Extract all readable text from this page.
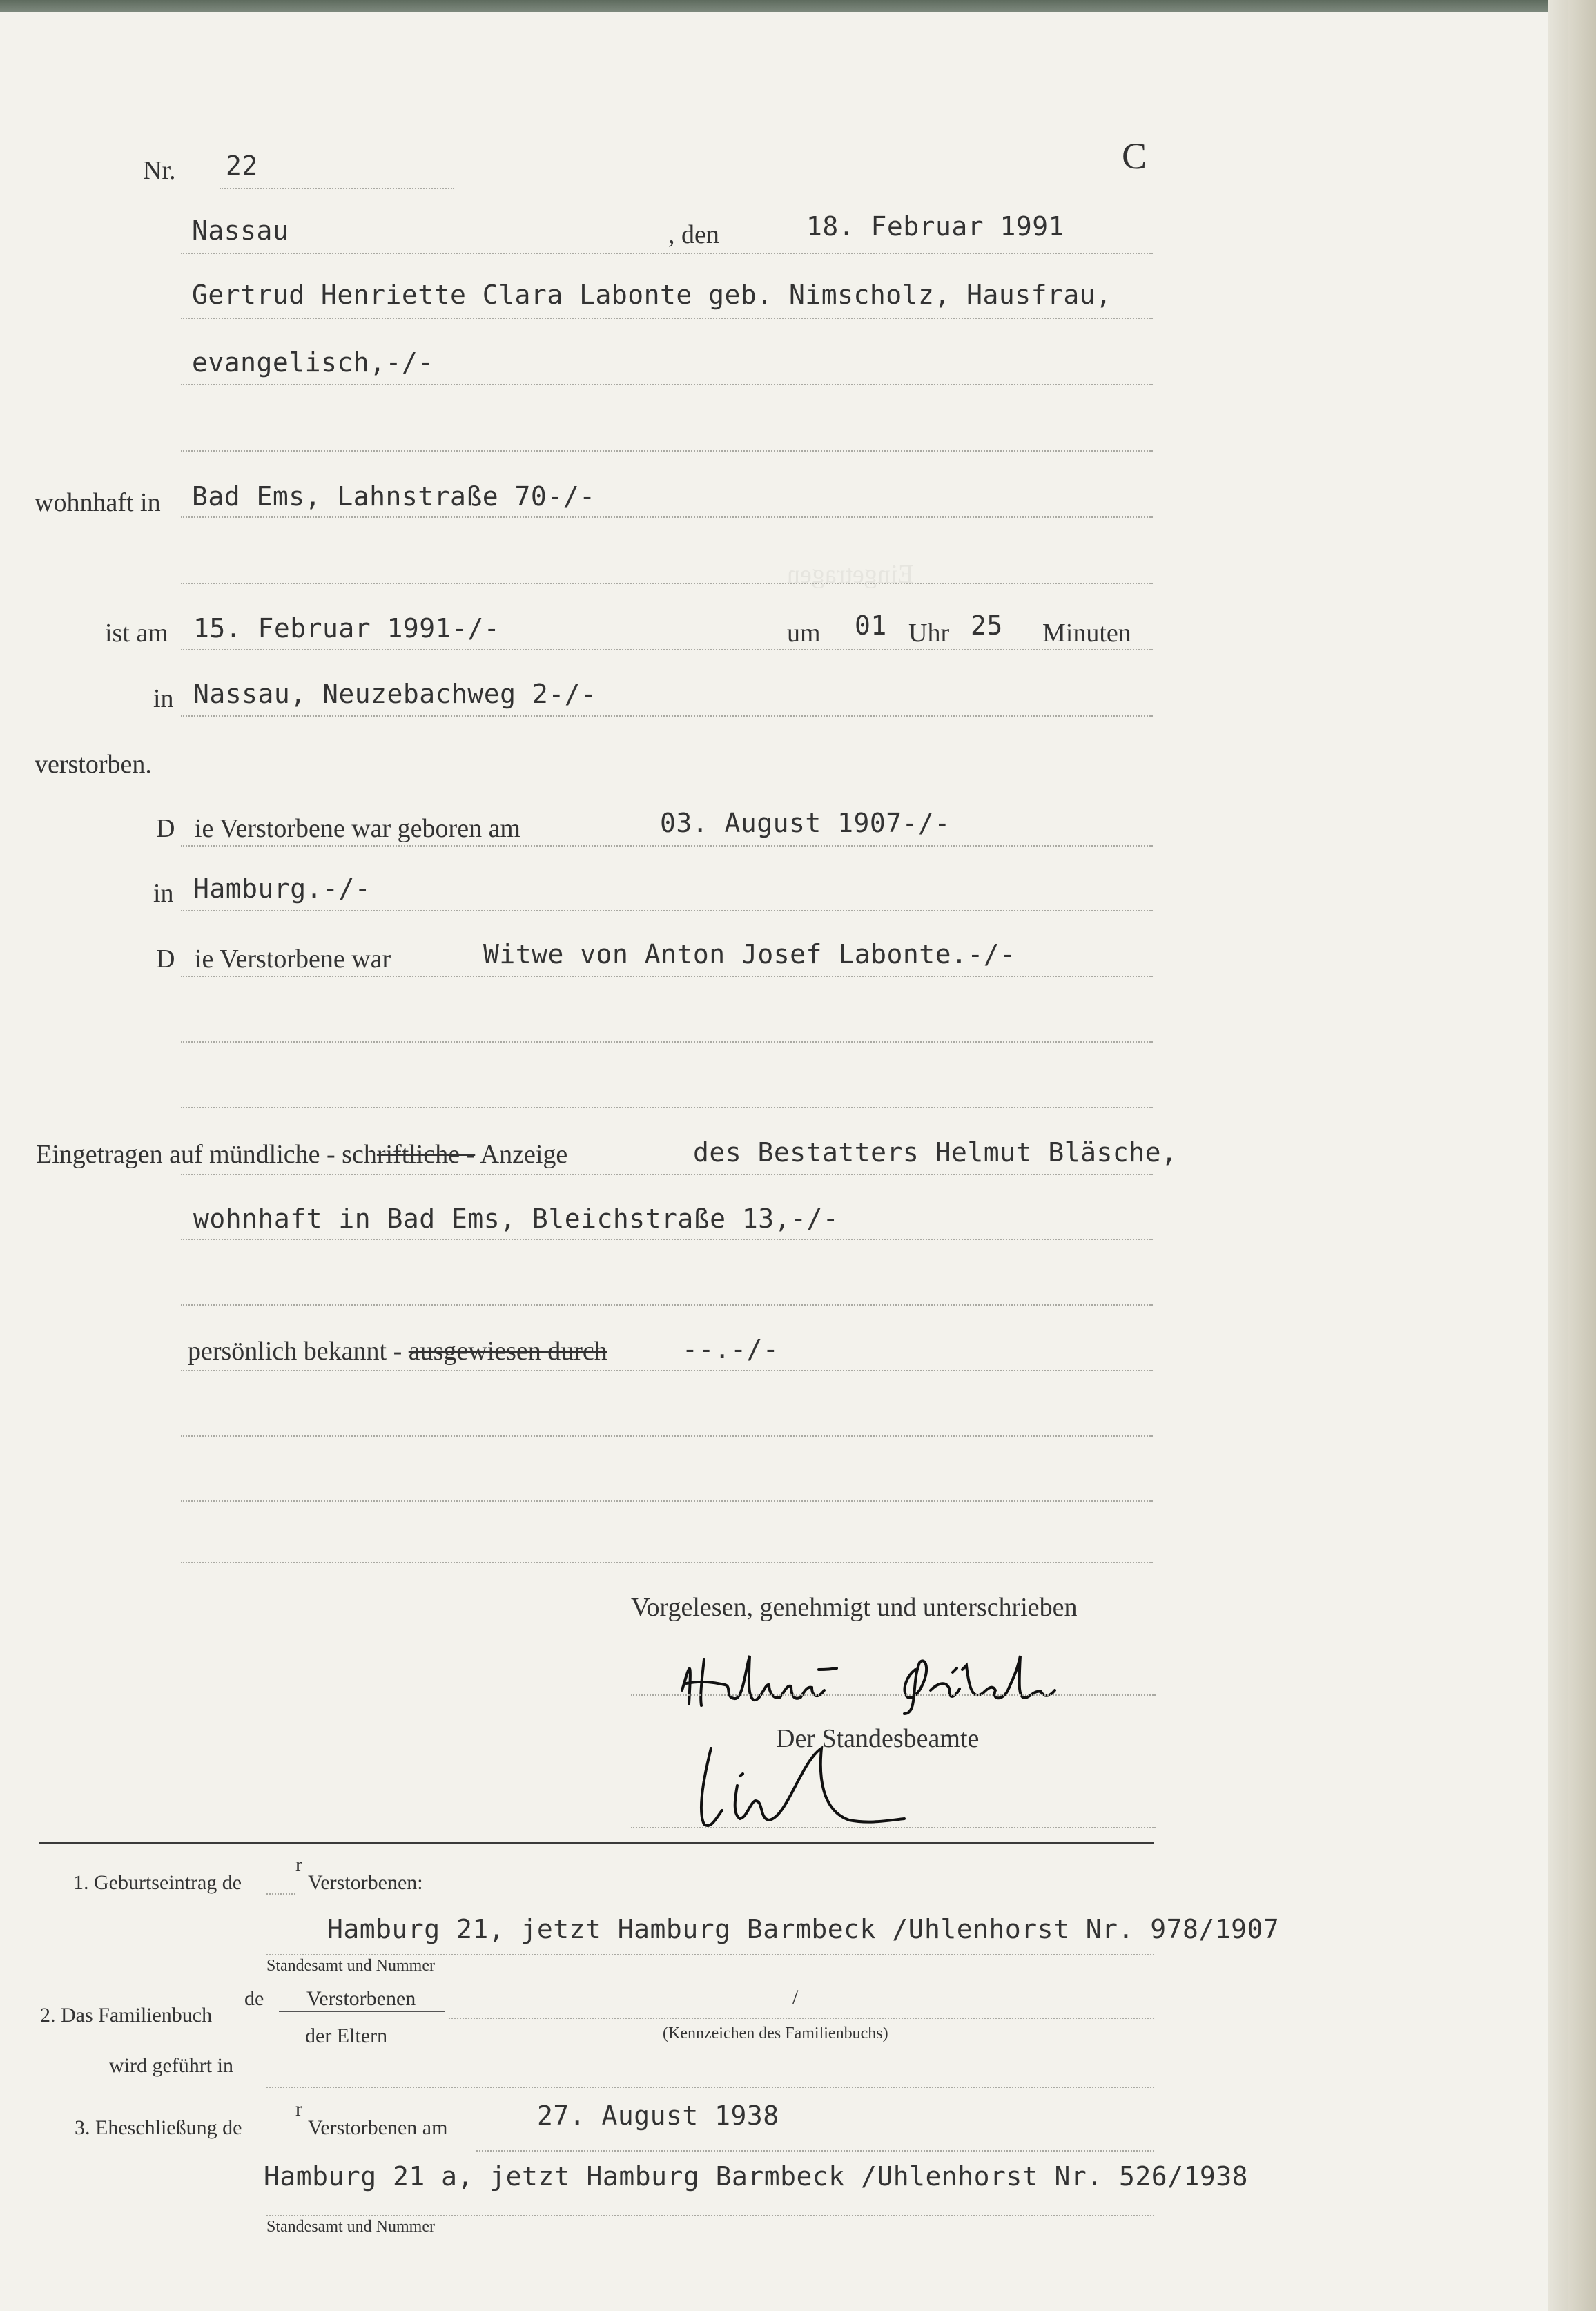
Eingetragen
C
Nr. 22
Nassau	, den	18. Februar 1991
Gertrud Henriette Clara Labonte geb. Nimscholz, Hausfrau,
evangelisch,-/-
wohnhaft in Bad Ems, Lahnstraße 70-/-
ist am 15. Februar 1991-/-	um 01 Uhr 25 Minuten
in Nassau, Neuzebachweg 2-/-
verstorben.
D ie Verstorbene war geboren am	03. August 1907-/-
in Hamburg.-/-
D ie Verstorbene war	Witwe von Anton Josef Labonte.-/-
Eingetragen auf mündliche - schriftliche - Anzeige	des Bestatters Helmut Bläsche,
wohnhaft in Bad Ems, Bleichstraße 13,-/-
persönlich bekannt - ausgewiesen durch	--.-/-
Vorgelesen, genehmigt und unterschrieben
Der Standesbeamte
1. Geburtseintrag de
r
Verstorbenen:
Hamburg 21, jetzt Hamburg Barmbeck /Uhlenhorst Nr. 978/1907
Standesamt und Nummer
2. Das Familienbuch
de Verstorbenen	/
der Eltern	(Kennzeichen des Familienbuchs)
wird geführt in
3. Eheschließung de
r
Verstorbenen am	27. August 1938
Hamburg 21 a, jetzt Hamburg Barmbeck /Uhlenhorst Nr. 526/1938
Standesamt und Nummer
